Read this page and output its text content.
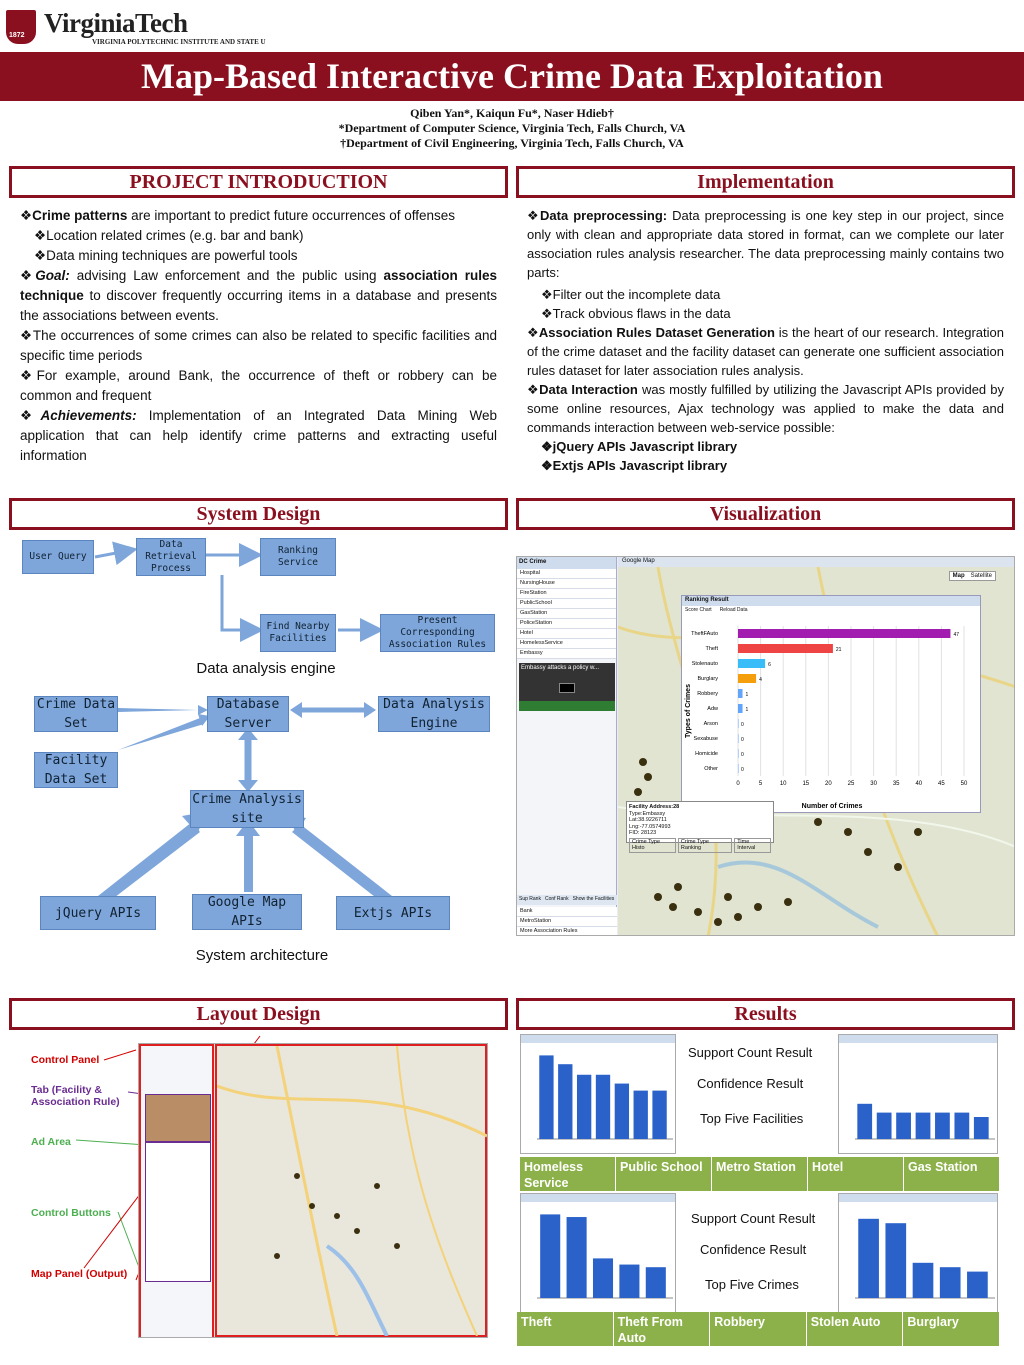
1872 VirginiaTech
VIRGINIA POLYTECHNIC INSTITUTE AND STATE U
Map-Based Interactive Crime Data Exploitation
Qiben Yan*, Kaiqun Fu*, Naser Hdieb†
*Department of Computer Science, Virginia Tech, Falls Church, VA
†Department of Civil Engineering, Virginia Tech, Falls Church, VA
PROJECT INTRODUCTION	Implementation
System Design	Visualization
Layout Design	Results

❖Crime patterns are important to predict future occurrences of offenses

❖Location related crimes (e.g. bar and bank)

❖Data mining techniques are powerful tools

❖Goal: advising Law enforcement and the public using association rules technique to discover frequently occurring items in a database and presents the associations between events.

❖The occurrences of some crimes can also be related to specific facilities and specific time periods

❖For example, around Bank, the occurrence of theft or robbery can be common and frequent

❖Achievements: Implementation of an Integrated Data Mining Web application that can help identify crime patterns and extracting useful information

❖Data preprocessing: Data preprocessing is one key step in our project, since only with clean and appropriate data stored in format, can we complete our later association rules analysis researcher. The data preprocessing mainly contains two parts:

❖Filter out the incomplete data

❖Track obvious flaws in the data

❖Association Rules Dataset Generation is the heart of our research. Integration of the crime dataset and the facility dataset can generate one sufficient association rules dataset for later association rules analysis.

❖Data Interaction was mostly fulfilled by utilizing the Javascript APIs provided by some online resources, Ajax technology was applied to make the data and commands interaction between web-service possible:

❖jQuery APIs Javascript library

❖Extjs APIs Javascript library

User Query
Data Retrieval Process
Ranking Service
Find Nearby Facilities
Present Corresponding Association Rules
Data analysis engine
Crime Data Set
Database Server
Data Analysis Engine
Facility Data Set
Crime Analysis site
jQuery APIs
Google Map APIs
Extjs APIs
System architecture
DC Crime
Hospital
NursingHouse
FireStation
PublicSchool
GasStation
PoliceStation
Hotel
HomelessService
Embassy
Embassy attacks a policy w...
Sup Rank Conf Rank Show the Facilities
Bank
MetroStation
More Association Rules
Google Map
Map	Satellite
Ranking Result
Score Chart Reload Data
0	5	10	15	20	25	30	35	40	45	50
TheftFAuto	47
Theft	21
Stolenauto	6
Burglary	4
Robbery	1
Adw	1
Arson	0
Sexabuse	0
Homicide	0
Other	0
Number of Crimes
Types of Crimes
Facility Address:28
Type:Embassy
Lat:38.9226711
Lng:-77.0574993
FID: 28123
Crime Type Histo
Crime Type Ranking
Time Interval
Control Panel
Tab (Facility & Association Rule)
Ad Area
Control Buttons
Map Panel (Output)
Support Count Result
Confidence Result
Top Five Facilities
Homeless Service
Public School	Metro Station	Hotel	Gas Station
Support Count Result
Confidence Result
Top Five Crimes
Theft	Theft From Auto
Robbery	Stolen Auto	Burglary
